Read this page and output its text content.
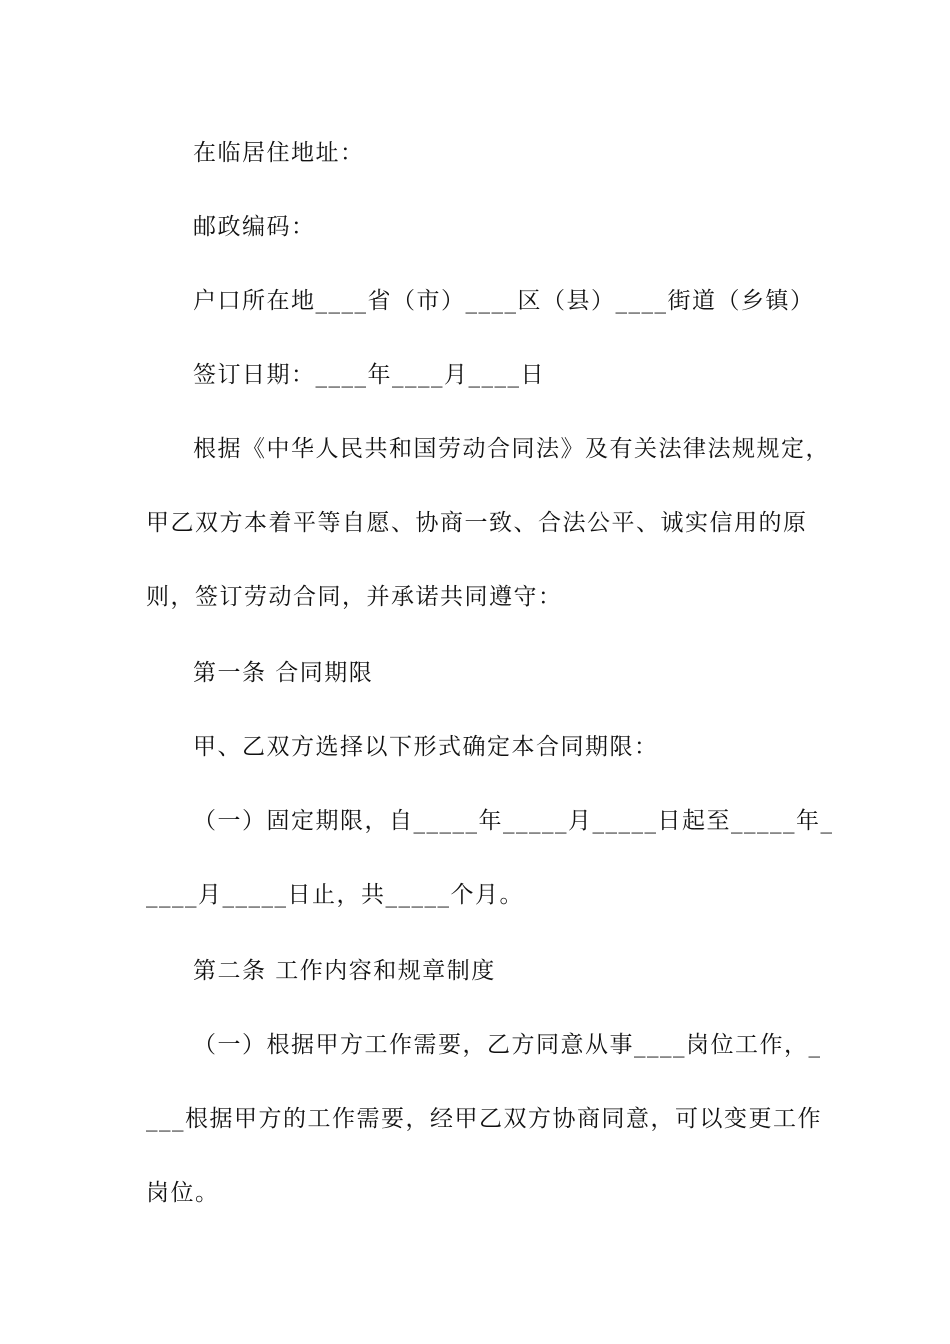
在临居住地址：
邮政编码：
户口所在地____省（市）____区（县）____街道（乡镇）
签订日期：____年____月____日
根据《中华人民共和国劳动合同法》及有关法律法规规定，
甲乙双方本着平等自愿、协商一致、合法公平、诚实信用的原
则，签订劳动合同，并承诺共同遵守：
第一条 合同期限
甲、乙双方选择以下形式确定本合同期限：
（一）固定期限，自_____年_____月_____日起至_____年_
____月_____日止，共_____个月。
第二条 工作内容和规章制度
（一）根据甲方工作需要，乙方同意从事____岗位工作，_
___根据甲方的工作需要，经甲乙双方协商同意，可以变更工作
岗位。
